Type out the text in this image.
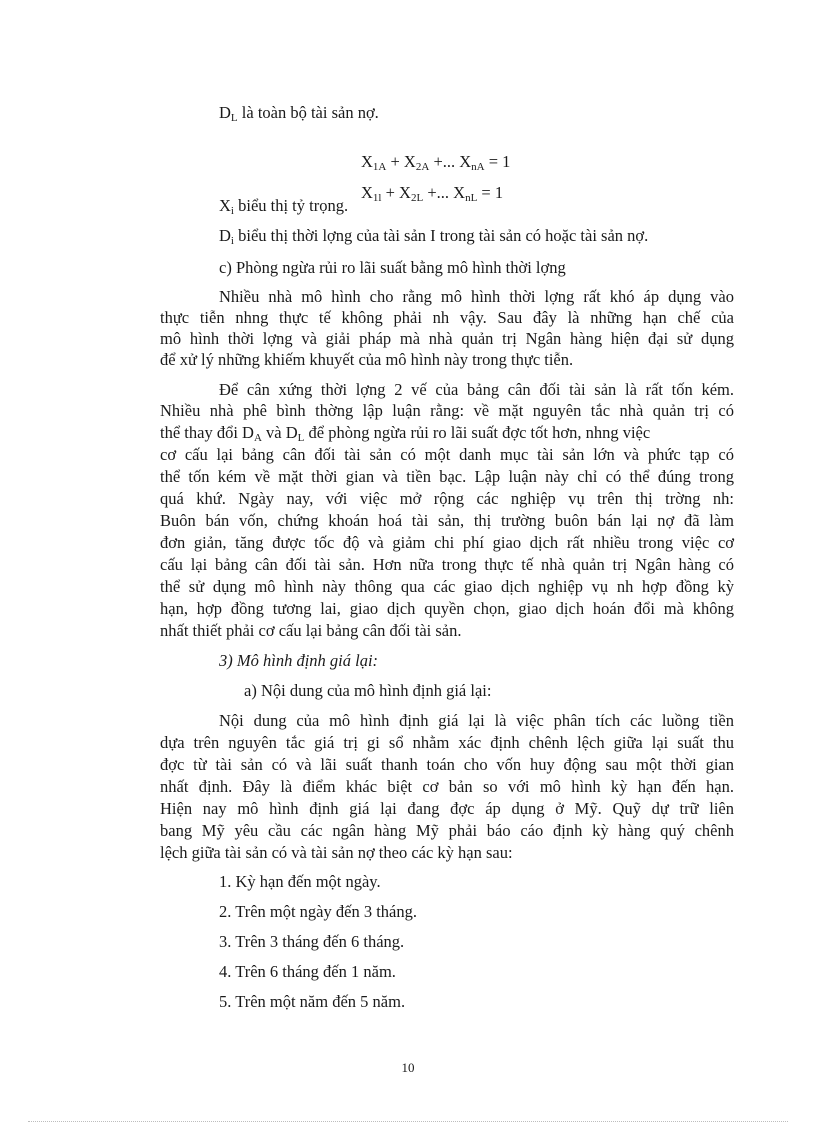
$D_L$ là toàn bộ tài sản nợ.

$X_{1A} + X_{2A}$ +... $X_{nA} = 1$

$X_{1l} + X_{2L}$ +... $X_{nL} = 1$

$X_i$ biểu thị tỷ trọng.

$D_i$ biểu thị thời lợng của tài sản I trong tài sản có hoặc tài sản nợ.

c) Phòng ngừa rủi ro lãi suất bằng mô hình thời lợng

Nhiều nhà mô hình cho rằng mô hình thời lợng rất khó áp dụng vào

thực tiễn nhng thực tế không phải nh vậy. Sau đây là những hạn chế của

mô hình thời lợng và giải pháp mà nhà quản trị Ngân hàng hiện đại sử dụng

để xử lý những khiếm khuyết của mô hình này trong thực tiễn.

Để cân xứng thời lợng 2 vế của bảng cân đối tài sản là rất tốn kém.

Nhiều nhà phê bình thờng lập luận rằng: về mặt nguyên tắc nhà quản trị có

thể thay đổi $D_A$ và $D_L$ để phòng ngừa rủi ro lãi suất đợc tốt hơn, nhng việc

cơ cấu lại bảng cân đối tài sản có một danh mục tài sản lớn và phức tạp có

thể tốn kém về mặt thời gian và tiền bạc. Lập luận này chỉ có thể đúng trong

quá khứ. Ngày nay, với việc mở rộng các nghiệp vụ trên thị trờng nh:

Buôn bán vốn, chứng khoán hoá tài sản, thị trường buôn bán lại nợ đã làm

đơn giản, tăng được tốc độ và giảm chi phí giao dịch rất nhiều trong việc cơ

cấu lại bảng cân đối tài sản. Hơn nữa trong thực tế nhà quản trị Ngân hàng có

thể sử dụng mô hình này thông qua các giao dịch nghiệp vụ nh hợp đồng kỳ

hạn, hợp đồng tương lai, giao dịch quyền chọn, giao dịch hoán đổi mà không

nhất thiết phải cơ cấu lại bảng cân đối tài sản.

3) Mô hình định giá lại:

a) Nội dung của mô hình định giá lại:

Nội dung của mô hình định giá lại là việc phân tích các luồng tiền

dựa trên nguyên tắc giá trị gi sổ nhằm xác định chênh lệch giữa lại suất thu

đợc từ tài sản có và lãi suất thanh toán cho vốn huy động sau một thời gian

nhất định. Đây là điểm khác biệt cơ bản so với mô hình kỳ hạn đến hạn.

Hiện nay mô hình định giá lại đang đợc áp dụng ở Mỹ. Quỹ dự trữ liên

bang Mỹ yêu cầu các ngân hàng Mỹ phải báo cáo định kỳ hàng quý chênh

lệch giữa tài sản có và tài sản nợ theo các kỳ hạn sau:

1. Kỳ hạn đến một ngày.

2. Trên một ngày đến 3 tháng.

3. Trên 3 tháng đến 6 tháng.

4. Trên 6 tháng đến 1 năm.

5. Trên một năm đến 5 năm.

10
